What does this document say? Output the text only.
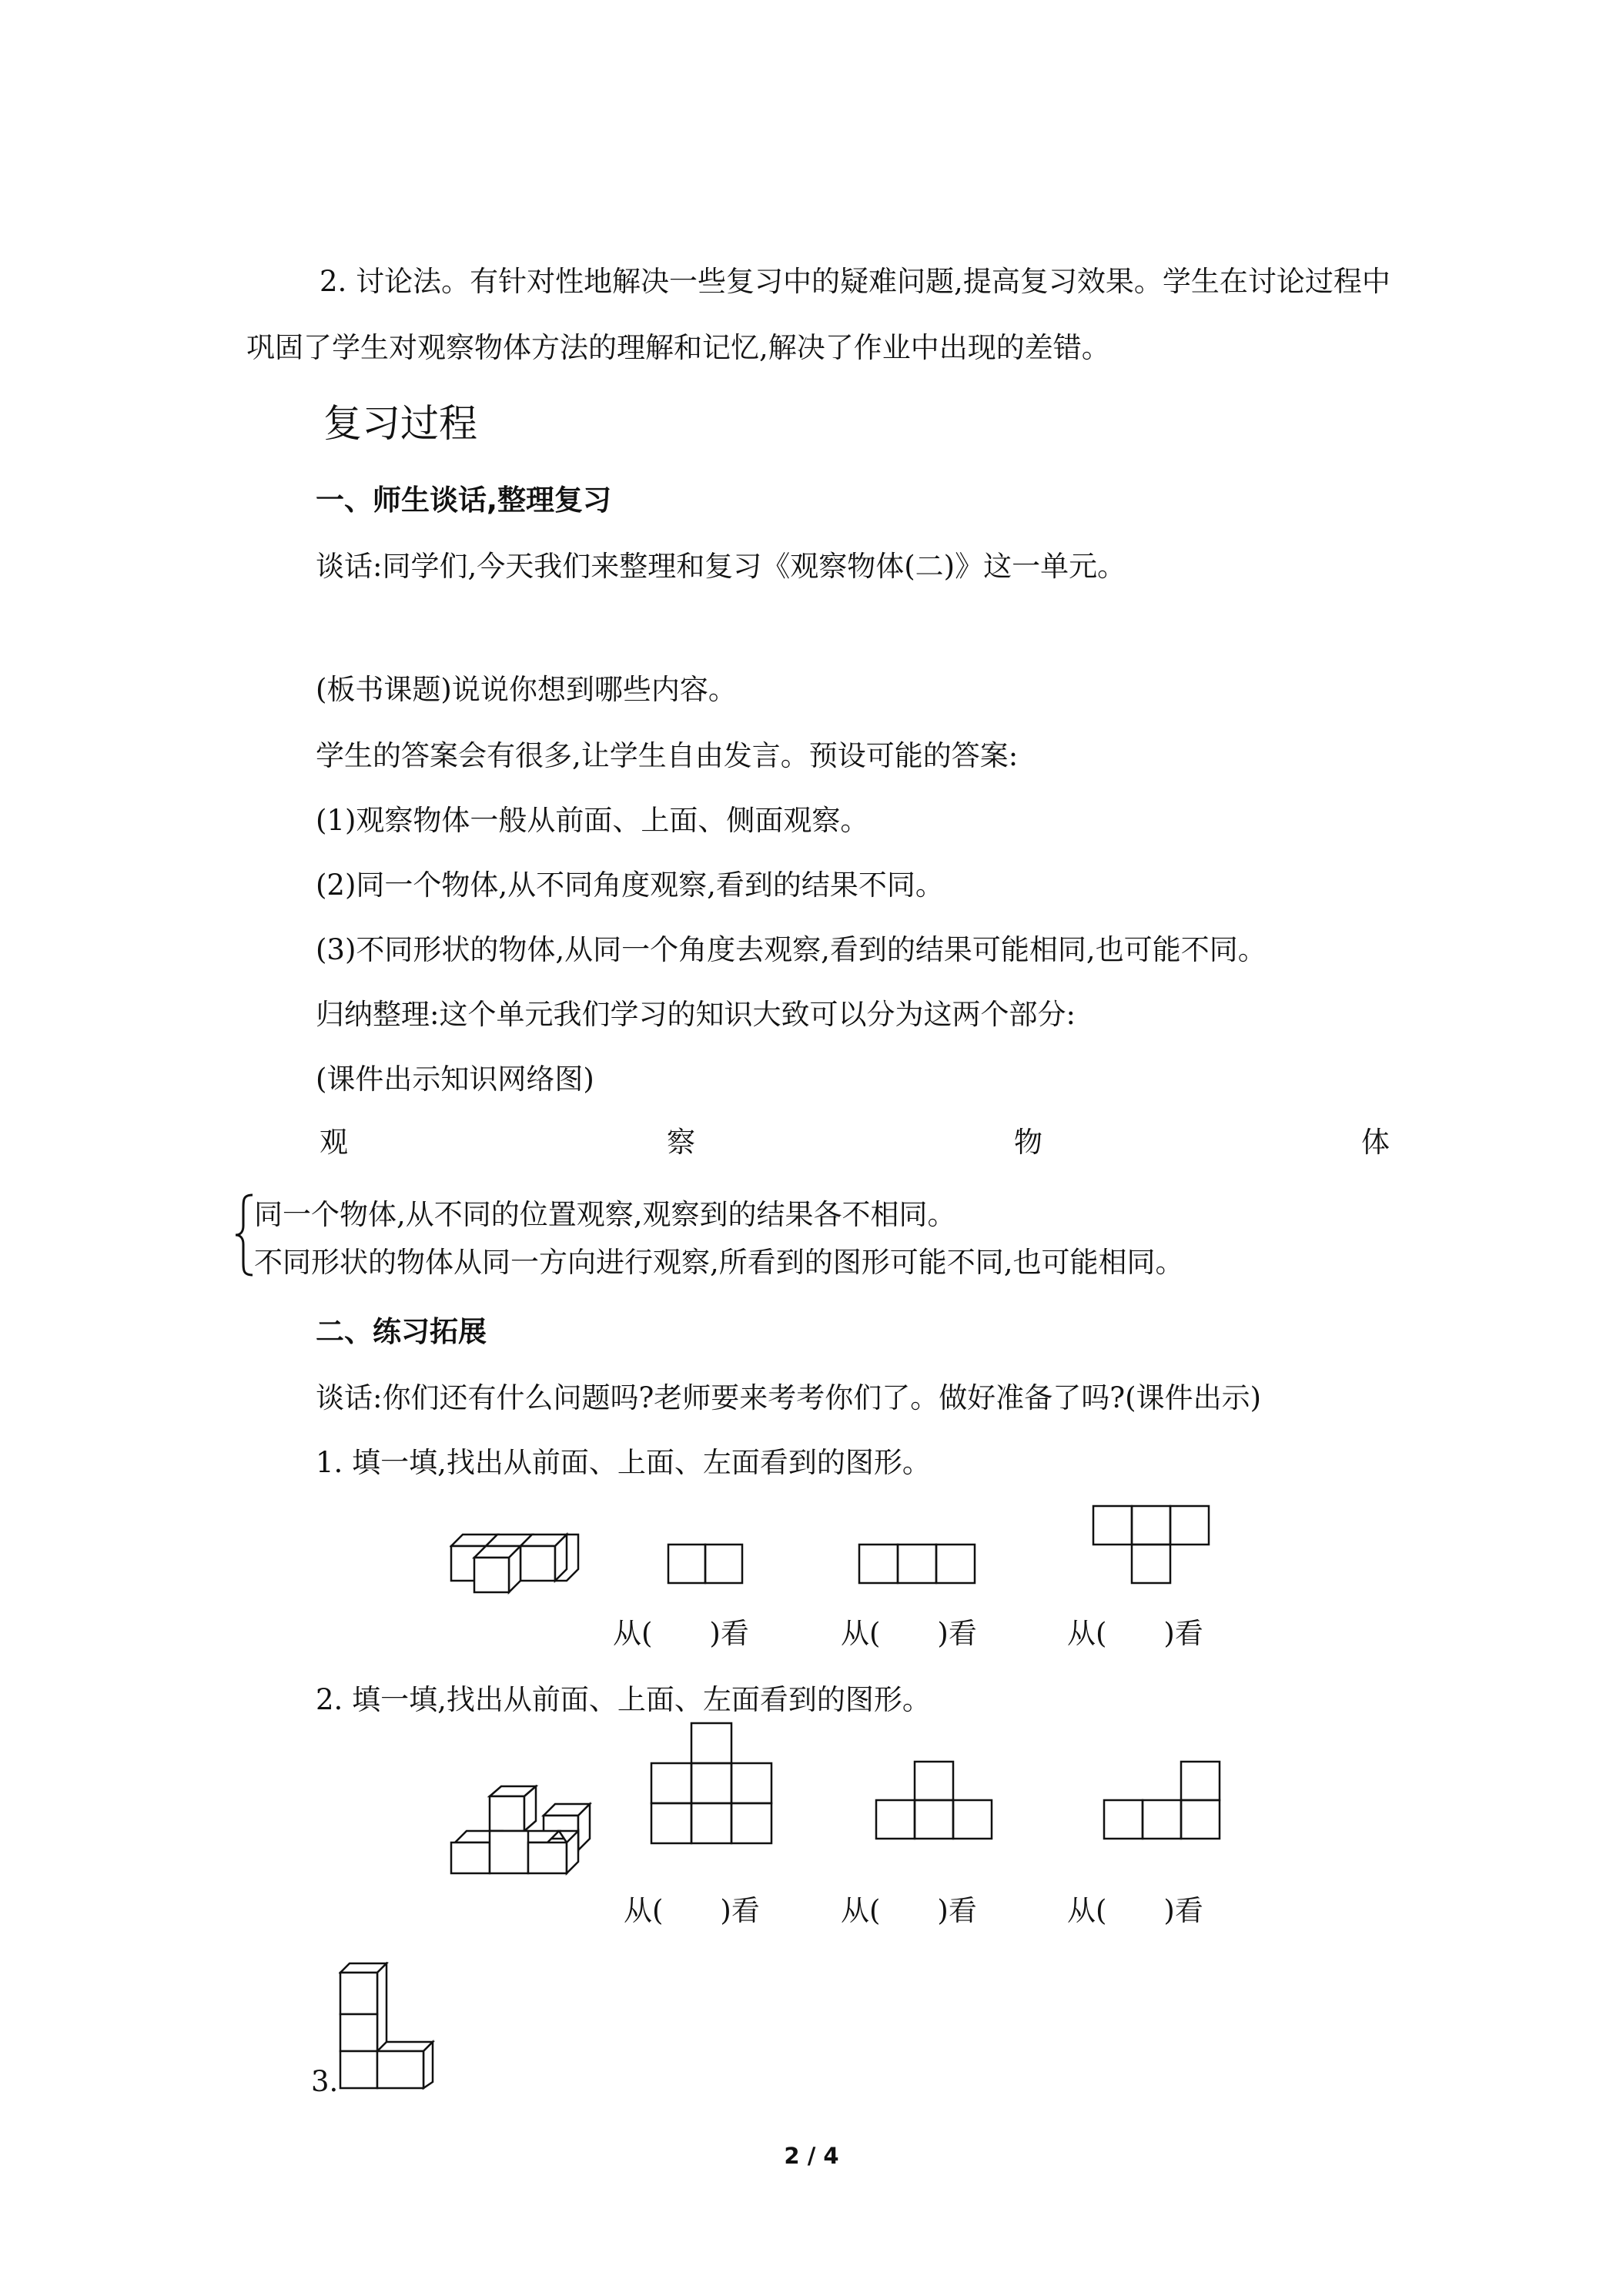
2. 讨论法。有针对性地解决一些复习中的疑难问题,提高复习效果。学生在讨论过程中
巩固了学生对观察物体方法的理解和记忆,解决了作业中出现的差错。
复习过程
一、师生谈话,整理复习
谈话:同学们,今天我们来整理和复习《观察物体(二)》这一单元。
(板书课题)说说你想到哪些内容。
学生的答案会有很多,让学生自由发言。预设可能的答案:
(1)观察物体一般从前面、上面、侧面观察。
(2)同一个物体,从不同角度观察,看到的结果不同。
(3)不同形状的物体,从同一个角度去观察,看到的结果可能相同,也可能不同。
归纳整理:这个单元我们学习的知识大致可以分为这两个部分:
(课件出示知识网络图)
观	察	物	体
同一个物体,从不同的位置观察,观察到的结果各不相同。
不同形状的物体从同一方向进行观察,所看到的图形可能不同,也可能相同。
二、练习拓展
谈话:你们还有什么问题吗?老师要来考考你们了。做好准备了吗?(课件出示)
1. 填一填,找出从前面、上面、左面看到的图形。
从(　　)看	从(　　)看	从(　　)看
2. 填一填,找出从前面、上面、左面看到的图形。
从(　　)看	从(　　)看	从(　　)看
3.
2 / 4
